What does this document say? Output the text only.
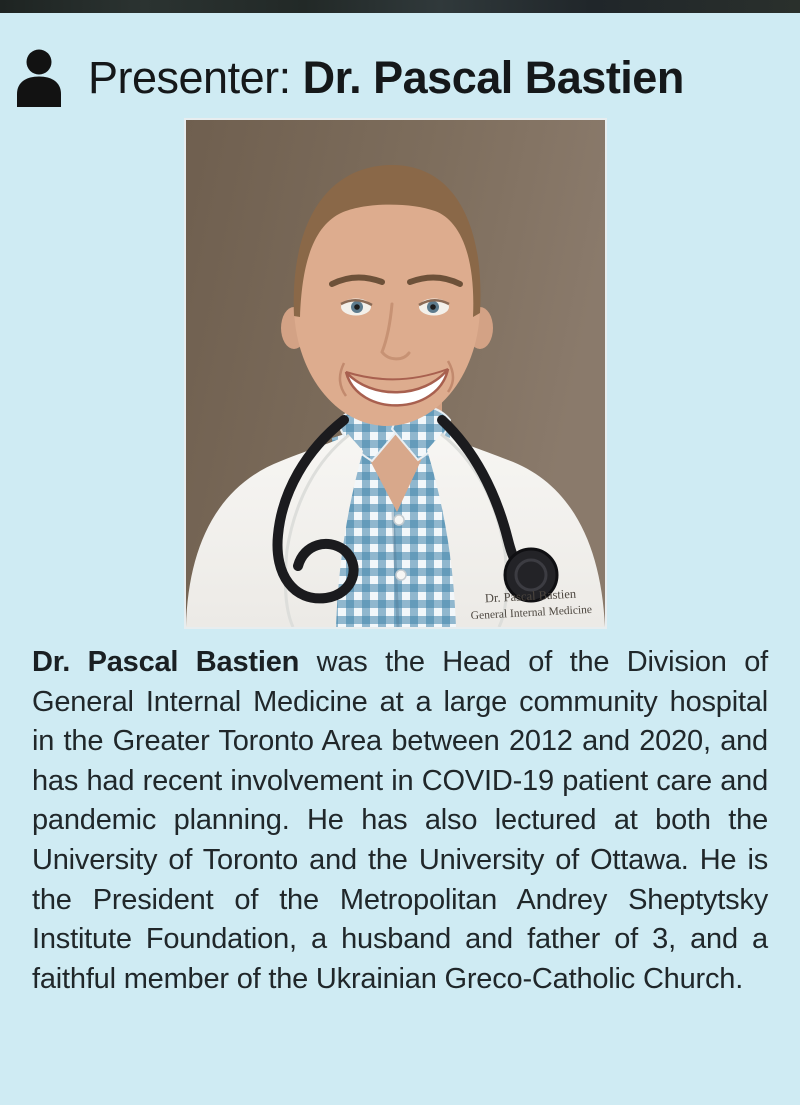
Presenter: Dr. Pascal Bastien
Dr. Pascal Bastien
General Internal Medicine

Dr. Pascal Bastien was the Head of the Division of General Internal Medicine at a large community hospital in the Greater Toronto Area between 2012 and 2020, and has had recent involvement in COVID-19 patient care and pandemic planning. He has also lectured at both the University of Toronto and the University of Ottawa. He is the President of the Metropolitan Andrey Sheptytsky Institute Foundation, a husband and father of 3, and a faithful member of the Ukrainian Greco-Catholic Church.
